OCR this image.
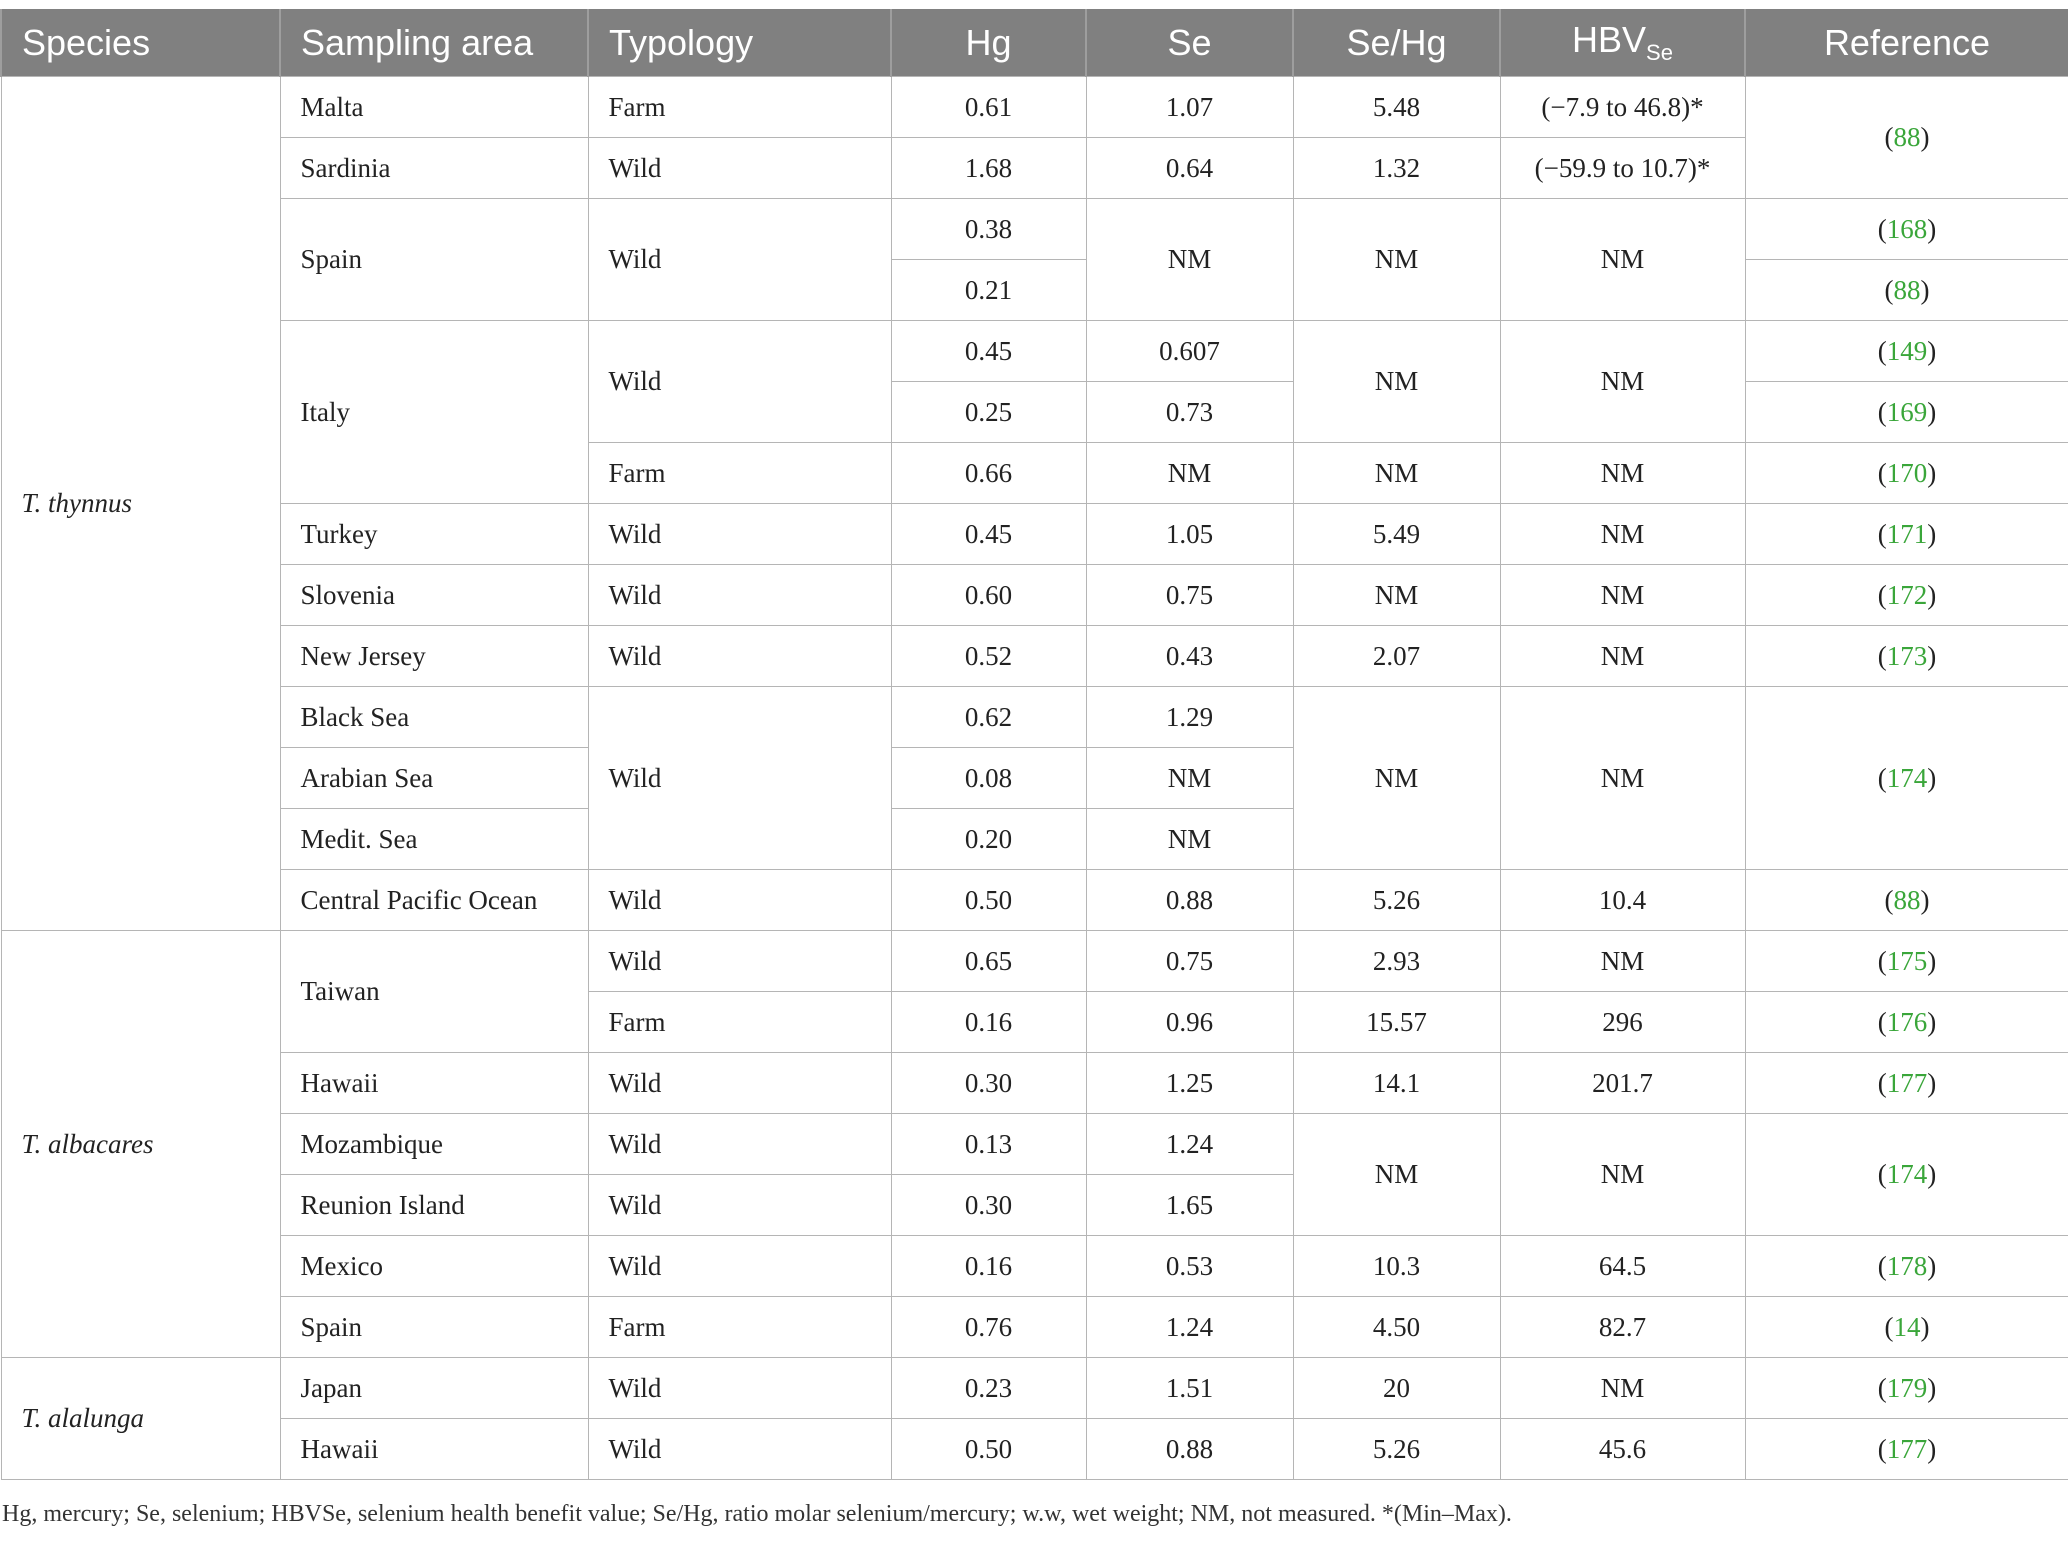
Species	Sampling area	Typology	Hg	Se	Se/Hg	$HBV_{Se}$	Reference
T. thynnus	Malta	Farm	0.61	1.07	5.48	(−7.9 to 46.8)*	(88)
	Sardinia	Wild	1.68	0.64	1.32	(−59.9 to 10.7)*	
	Spain	Wild	0.38	NM	NM	NM	(168)
			0.21				(88)
	Italy	Wild	0.45	0.607	NM	NM	(149)
			0.25	0.73			(169)
		Farm	0.66	NM	NM	NM	(170)
	Turkey	Wild	0.45	1.05	5.49	NM	(171)
	Slovenia	Wild	0.60	0.75	NM	NM	(172)
	New Jersey	Wild	0.52	0.43	2.07	NM	(173)
	Black Sea	Wild	0.62	1.29	NM	NM	(174)
	Arabian Sea		0.08	NM			
	Medit. Sea		0.20	NM			
	Central Pacific Ocean	Wild	0.50	0.88	5.26	10.4	(88)
T. albacares	Taiwan	Wild	0.65	0.75	2.93	NM	(175)
		Farm	0.16	0.96	15.57	296	(176)
	Hawaii	Wild	0.30	1.25	14.1	201.7	(177)
	Mozambique	Wild	0.13	1.24	NM	NM	(174)
	Reunion Island	Wild	0.30	1.65			
	Mexico	Wild	0.16	0.53	10.3	64.5	(178)
	Spain	Farm	0.76	1.24	4.50	82.7	(14)
T. alalunga	Japan	Wild	0.23	1.51	20	NM	(179)
	Hawaii	Wild	0.50	0.88	5.26	45.6	(177)
Hg, mercury; Se, selenium; HBVSe, selenium health benefit value; Se/Hg, ratio molar selenium/mercury; w.w, wet weight; NM, not measured. *(Min–Max).
